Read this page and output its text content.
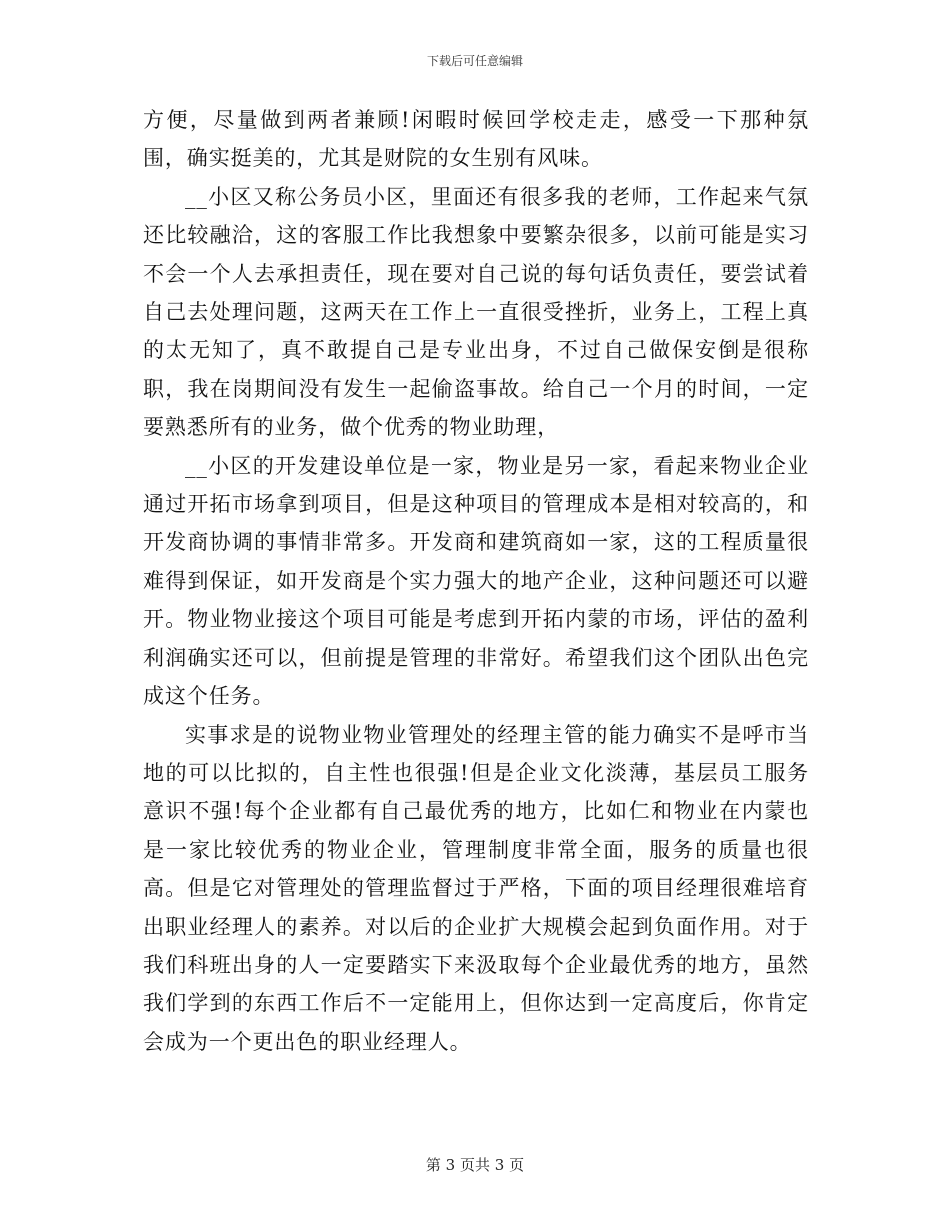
下载后可任意编辑

方便，尽量做到两者兼顾!闲暇时候回学校走走，感受一下那种氛围，确实挺美的，尤其是财院的女生别有风味。

__小区又称公务员小区，里面还有很多我的老师，工作起来气氛还比较融洽，这的客服工作比我想象中要繁杂很多，以前可能是实习不会一个人去承担责任，现在要对自己说的每句话负责任，要尝试着自己去处理问题，这两天在工作上一直很受挫折，业务上，工程上真的太无知了，真不敢提自己是专业出身，不过自己做保安倒是很称职，我在岗期间没有发生一起偷盗事故。给自己一个月的时间，一定要熟悉所有的业务，做个优秀的物业助理，

__小区的开发建设单位是一家，物业是另一家，看起来物业企业通过开拓市场拿到项目，但是这种项目的管理成本是相对较高的，和开发商协调的事情非常多。开发商和建筑商如一家，这的工程质量很难得到保证，如开发商是个实力强大的地产企业，这种问题还可以避开。物业物业接这个项目可能是考虑到开拓内蒙的市场，评估的盈利利润确实还可以，但前提是管理的非常好。希望我们这个团队出色完成这个任务。

实事求是的说物业物业管理处的经理主管的能力确实不是呼市当地的可以比拟的，自主性也很强!但是企业文化淡薄，基层员工服务意识不强!每个企业都有自己最优秀的地方，比如仁和物业在内蒙也是一家比较优秀的物业企业，管理制度非常全面，服务的质量也很高。但是它对管理处的管理监督过于严格，下面的项目经理很难培育出职业经理人的素养。对以后的企业扩大规模会起到负面作用。对于我们科班出身的人一定要踏实下来汲取每个企业最优秀的地方，虽然我们学到的东西工作后不一定能用上，但你达到一定高度后，你肯定会成为一个更出色的职业经理人。

第 3 页共 3 页
